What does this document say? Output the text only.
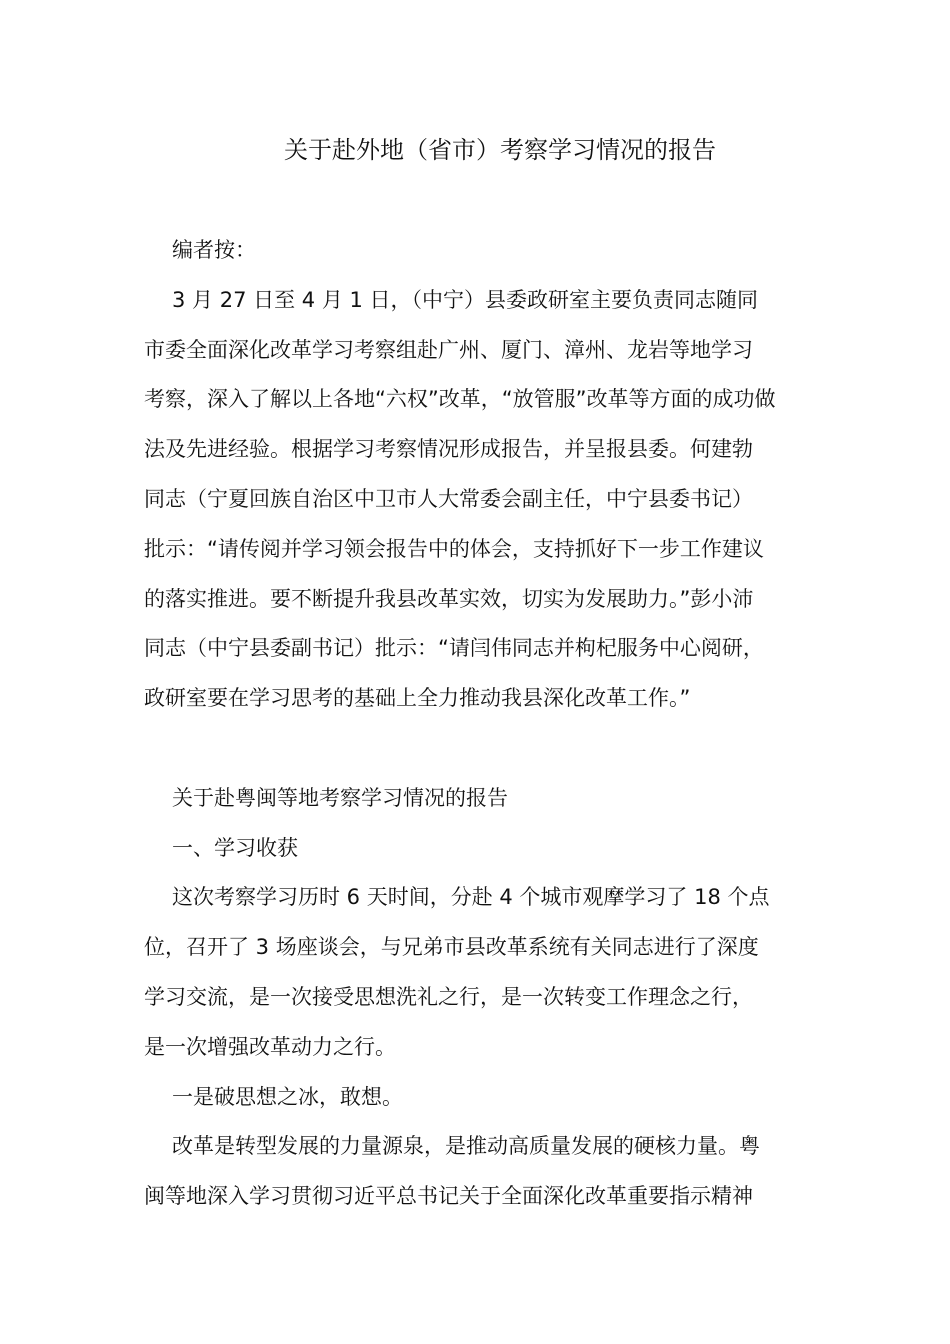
关于赴外地（省市）考察学习情况的报告
编者按：
3 月 27 日至 4 月 1 日，（中宁）县委政研室主要负责同志随同
市委全面深化改革学习考察组赴广州、厦门、漳州、龙岩等地学习
考察，深入了解以上各地“六权”改革，“放管服”改革等方面的成功做
法及先进经验。根据学习考察情况形成报告，并呈报县委。何建勃
同志（宁夏回族自治区中卫市人大常委会副主任，中宁县委书记）
批示：“请传阅并学习领会报告中的体会，支持抓好下一步工作建议
的落实推进。要不断提升我县改革实效，切实为发展助力。”彭小沛
同志（中宁县委副书记）批示：“请闫伟同志并枸杞服务中心阅研，
政研室要在学习思考的基础上全力推动我县深化改革工作。”
关于赴粤闽等地考察学习情况的报告
一、学习收获
这次考察学习历时 6 天时间，分赴 4 个城市观摩学习了 18 个点
位，召开了 3 场座谈会，与兄弟市县改革系统有关同志进行了深度
学习交流，是一次接受思想洗礼之行，是一次转变工作理念之行，
是一次增强改革动力之行。
一是破思想之冰，敢想。
改革是转型发展的力量源泉，是推动高质量发展的硬核力量。粤
闽等地深入学习贯彻习近平总书记关于全面深化改革重要指示精神
